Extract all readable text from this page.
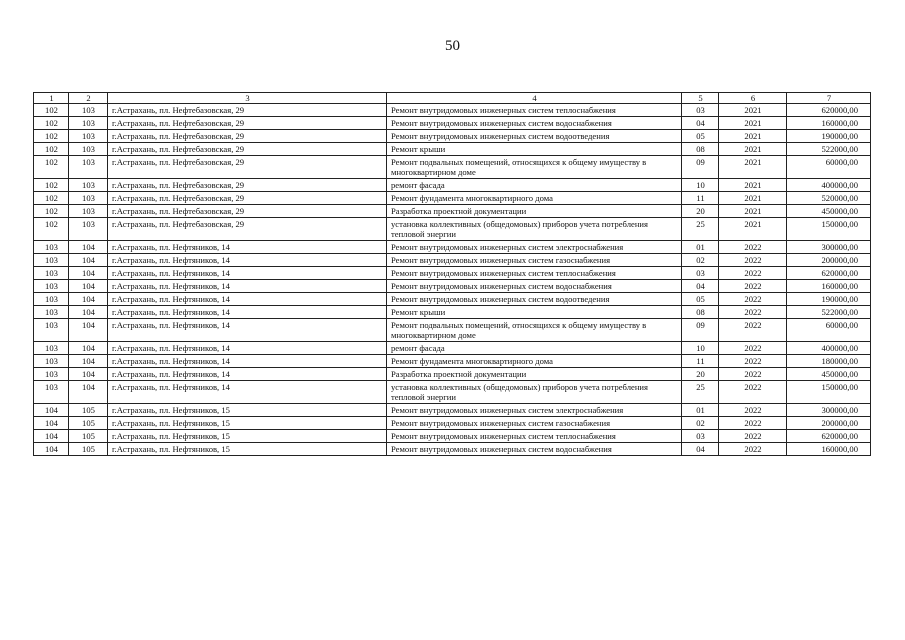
50
1	2	3	4	5	6	7
102	103	г.Астрахань, пл. Нефтебазовская, 29	Ремонт внутридомовых инженерных систем теплоснабжения	03	2021	620000,00
102	103	г.Астрахань, пл. Нефтебазовская, 29	Ремонт внутридомовых инженерных систем водоснабжения	04	2021	160000,00
102	103	г.Астрахань, пл. Нефтебазовская, 29	Ремонт внутридомовых инженерных систем водоотведения	05	2021	190000,00
102	103	г.Астрахань, пл. Нефтебазовская, 29	Ремонт крыши	08	2021	522000,00
102	103	г.Астрахань, пл. Нефтебазовская, 29	Ремонт подвальных помещений, относящихся к общему имуществу в многоквартирном доме	09	2021	60000,00
102	103	г.Астрахань, пл. Нефтебазовская, 29	ремонт фасада	10	2021	400000,00
102	103	г.Астрахань, пл. Нефтебазовская, 29	Ремонт фундамента многоквартирного дома	11	2021	520000,00
102	103	г.Астрахань, пл. Нефтебазовская, 29	Разработка проектной документации	20	2021	450000,00
102	103	г.Астрахань, пл. Нефтебазовская, 29	установка коллективных (общедомовых) приборов учета потребления тепловой энергии	25	2021	150000,00
103	104	г.Астрахань, пл. Нефтяников, 14	Ремонт внутридомовых инженерных систем электроснабжения	01	2022	300000,00
103	104	г.Астрахань, пл. Нефтяников, 14	Ремонт внутридомовых инженерных систем газоснабжения	02	2022	200000,00
103	104	г.Астрахань, пл. Нефтяников, 14	Ремонт внутридомовых инженерных систем теплоснабжения	03	2022	620000,00
103	104	г.Астрахань, пл. Нефтяников, 14	Ремонт внутридомовых инженерных систем водоснабжения	04	2022	160000,00
103	104	г.Астрахань, пл. Нефтяников, 14	Ремонт внутридомовых инженерных систем водоотведения	05	2022	190000,00
103	104	г.Астрахань, пл. Нефтяников, 14	Ремонт крыши	08	2022	522000,00
103	104	г.Астрахань, пл. Нефтяников, 14	Ремонт подвальных помещений, относящихся к общему имуществу в многоквартирном доме	09	2022	60000,00
103	104	г.Астрахань, пл. Нефтяников, 14	ремонт фасада	10	2022	400000,00
103	104	г.Астрахань, пл. Нефтяников, 14	Ремонт фундамента многоквартирного дома	11	2022	180000,00
103	104	г.Астрахань, пл. Нефтяников, 14	Разработка проектной документации	20	2022	450000,00
103	104	г.Астрахань, пл. Нефтяников, 14	установка коллективных (общедомовых) приборов учета потребления тепловой энергии	25	2022	150000,00
104	105	г.Астрахань, пл. Нефтяников, 15	Ремонт внутридомовых инженерных систем электроснабжения	01	2022	300000,00
104	105	г.Астрахань, пл. Нефтяников, 15	Ремонт внутридомовых инженерных систем газоснабжения	02	2022	200000,00
104	105	г.Астрахань, пл. Нефтяников, 15	Ремонт внутридомовых инженерных систем теплоснабжения	03	2022	620000,00
104	105	г.Астрахань, пл. Нефтяников, 15	Ремонт внутридомовых инженерных систем водоснабжения	04	2022	160000,00
